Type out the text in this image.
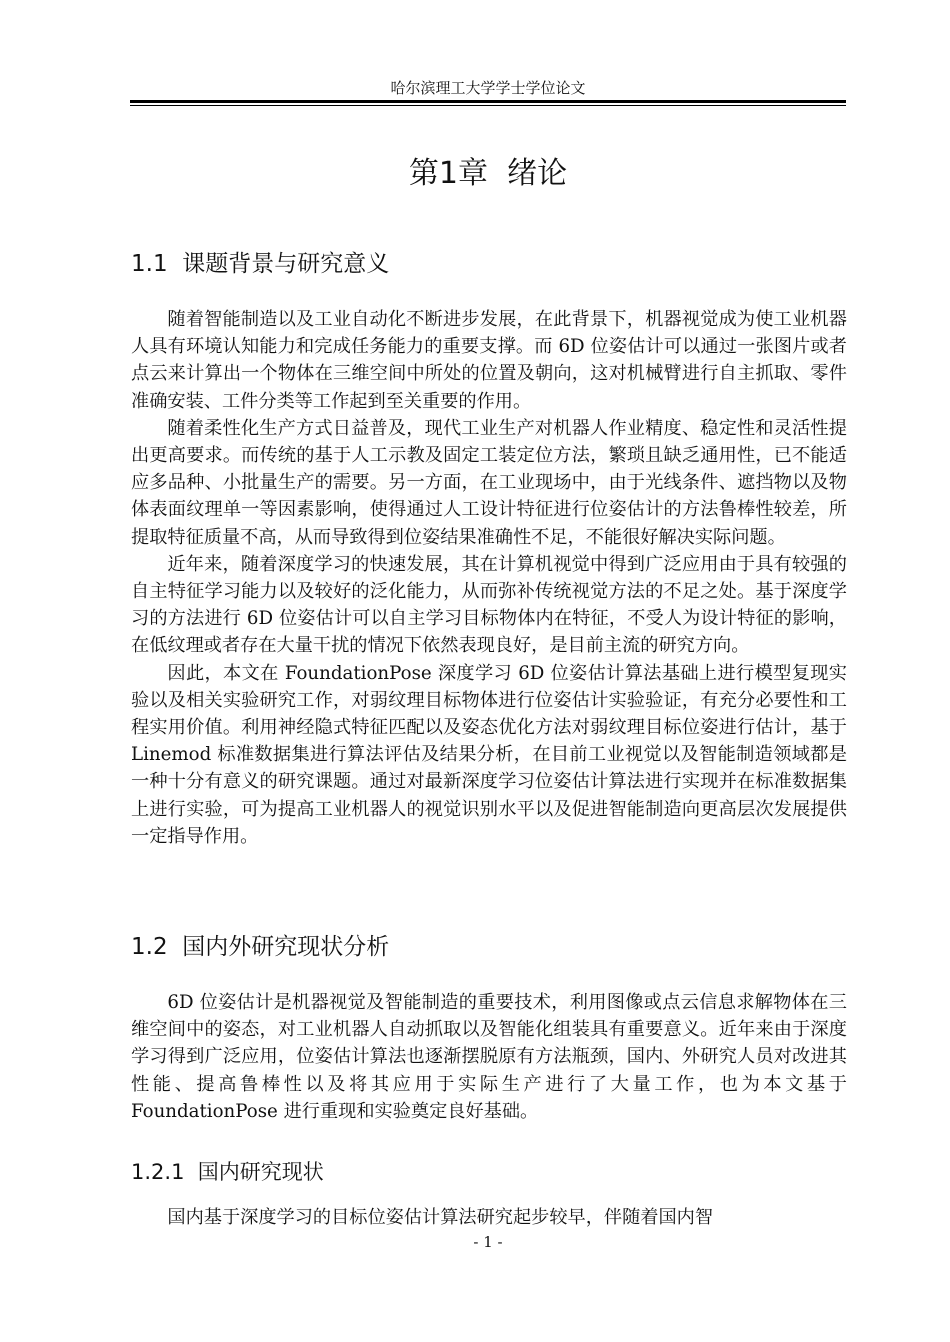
哈尔滨理工大学学士学位论文
第1章  绪论
1.1  课题背景与研究意义

随着智能制造以及工业自动化不断进步发展，在此背景下，机器视觉成为使工业机器人具有环境认知能力和完成任务能力的重要支撑。而 6D 位姿估计可以通过一张图片或者点云来计算出一个物体在三维空间中所处的位置及朝向，这对机械臂进行自主抓取、零件准确安装、工件分类等工作起到至关重要的作用。

随着柔性化生产方式日益普及，现代工业生产对机器人作业精度、稳定性和灵活性提出更高要求。而传统的基于人工示教及固定工装定位方法，繁琐且缺乏通用性，已不能适应多品种、小批量生产的需要。另一方面，在工业现场中，由于光线条件、遮挡物以及物体表面纹理单一等因素影响，使得通过人工设计特征进行位姿估计的方法鲁棒性较差，所提取特征质量不高，从而导致得到位姿结果准确性不足，不能很好解决实际问题。

近年来，随着深度学习的快速发展，其在计算机视觉中得到广泛应用由于具有较强的自主特征学习能力以及较好的泛化能力，从而弥补传统视觉方法的不足之处。基于深度学习的方法进行 6D 位姿估计可以自主学习目标物体内在特征，不受人为设计特征的影响，在低纹理或者存在大量干扰的情况下依然表现良好，是目前主流的研究方向。

因此，本文在 FoundationPose 深度学习 6D 位姿估计算法基础上进行模型复现实验以及相关实验研究工作，对弱纹理目标物体进行位姿估计实验验证，有充分必要性和工程实用价值。利用神经隐式特征匹配以及姿态优化方法对弱纹理目标位姿进行估计，基于 Linemod 标准数据集进行算法评估及结果分析，在目前工业视觉以及智能制造领域都是一种十分有意义的研究课题。通过对最新深度学习位姿估计算法进行实现并在标准数据集上进行实验，可为提高工业机器人的视觉识别水平以及促进智能制造向更高层次发展提供一定指导作用。

1.2  国内外研究现状分析

6D 位姿估计是机器视觉及智能制造的重要技术，利用图像或点云信息求解物体在三维空间中的姿态，对工业机器人自动抓取以及智能化组装具有重要意义。近年来由于深度学习得到广泛应用，位姿估计算法也逐渐摆脱原有方法瓶颈，国内、外研究人员对改进其性能、提高鲁棒性以及将其应用于实际生产进行了大量工作，也为本文基于 FoundationPose 进行重现和实验奠定良好基础。

1.2.1  国内研究现状

国内基于深度学习的目标位姿估计算法研究起步较早，伴随着国内智

- 1 -
